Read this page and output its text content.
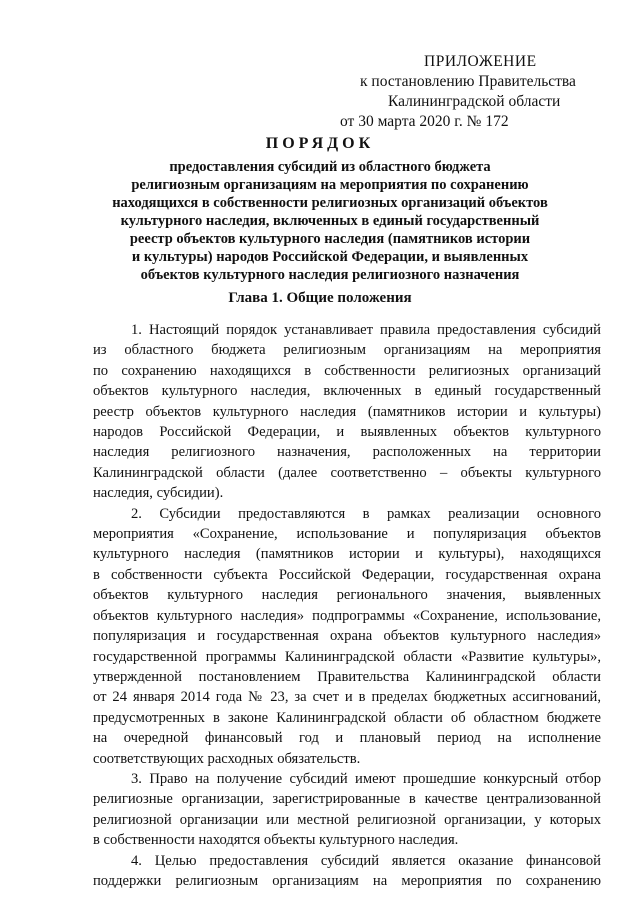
ПРИЛОЖЕНИЕ
к постановлению Правительства
Калининградской области
от 30 марта 2020 г. № 172
ПОРЯДОК
предоставления субсидий из областного бюджета
религиозным организациям на мероприятия по сохранению
находящихся в собственности религиозных организаций объектов
культурного наследия, включенных в единый государственный
реестр объектов культурного наследия (памятников истории
и культуры) народов Российской Федерации, и выявленных
объектов культурного наследия религиозного назначения
Глава 1. Общие положения
1. Настоящий порядок устанавливает правила предоставления субсидий
из областного бюджета религиозным организациям на мероприятия
по сохранению находящихся в собственности религиозных организаций
объектов культурного наследия, включенных в единый государственный
реестр объектов культурного наследия (памятников истории и культуры)
народов Российской Федерации, и выявленных объектов культурного
наследия религиозного назначения, расположенных на территории
Калининградской области (далее соответственно – объекты культурного
наследия, субсидии).
2. Субсидии предоставляются в рамках реализации основного
мероприятия «Сохранение, использование и популяризация объектов
культурного наследия (памятников истории и культуры), находящихся
в собственности субъекта Российской Федерации, государственная охрана
объектов культурного наследия регионального значения, выявленных
объектов культурного наследия» подпрограммы «Сохранение, использование,
популяризация и государственная охрана объектов культурного наследия»
государственной программы Калининградской области «Развитие культуры»,
утвержденной постановлением Правительства Калининградской области
от 24 января 2014 года № 23, за счет и в пределах бюджетных ассигнований,
предусмотренных в законе Калининградской области об областном бюджете
на очередной финансовый год и плановый период на исполнение
соответствующих расходных обязательств.
3. Право на получение субсидий имеют прошедшие конкурсный отбор
религиозные организации, зарегистрированные в качестве централизованной
религиозной организации или местной религиозной организации, у которых
в собственности находятся объекты культурного наследия.
4. Целью предоставления субсидий является оказание финансовой
поддержки религиозным организациям на мероприятия по сохранению
